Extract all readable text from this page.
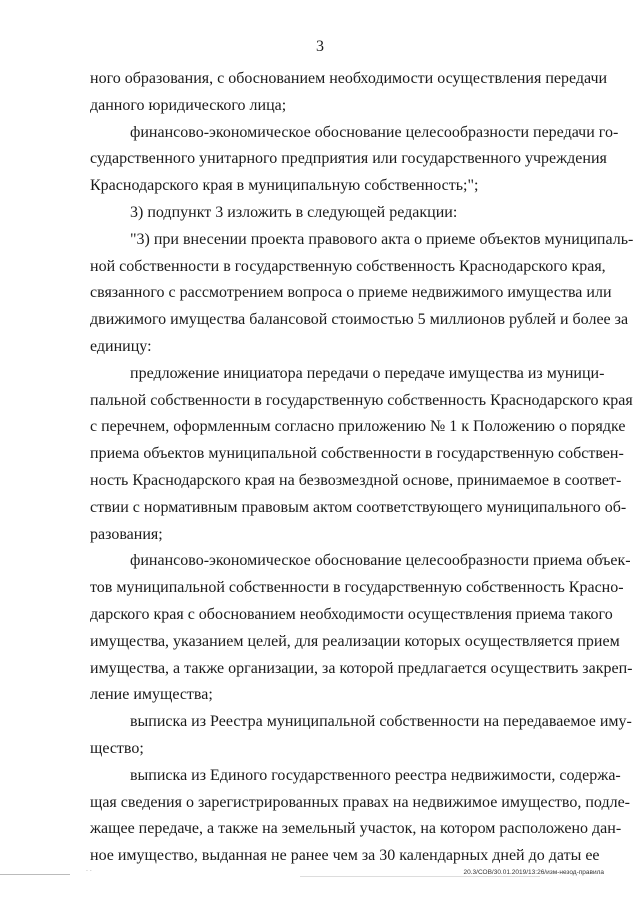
3
ного образования, с обоснованием необходимости осуществления передачи
данного юридического лица;
финансово-экономическое обоснование целесообразности передачи го-
сударственного унитарного предприятия или государственного учреждения
Краснодарского края в муниципальную собственность;";
3) подпункт 3 изложить в следующей редакции:
"3) при внесении проекта правового акта о приеме объектов муниципаль-
ной собственности в государственную собственность Краснодарского края,
связанного с рассмотрением вопроса о приеме недвижимого имущества или
движимого имущества балансовой стоимостью 5 миллионов рублей и более за
единицу:
предложение инициатора передачи о передаче имущества из муници-
пальной собственности в государственную собственность Краснодарского края
с перечнем, оформленным согласно приложению № 1 к Положению о порядке
приема объектов муниципальной собственности в государственную собствен-
ность Краснодарского края на безвозмездной основе, принимаемое в соответ-
ствии с нормативным правовым актом соответствующего муниципального об-
разования;
финансово-экономическое обоснование целесообразности приема объек-
тов муниципальной собственности в государственную собственность Красно-
дарского края с обоснованием необходимости осуществления приема такого
имущества, указанием целей, для реализации которых осуществляется прием
имущества, а также организации, за которой предлагается осуществить закреп-
ление имущества;
выписка из Реестра муниципальной собственности на передаваемое иму-
щество;
выписка из Единого государственного реестра недвижимости, содержа-
щая сведения о зарегистрированных правах на недвижимое имущество, подле-
жащее передаче, а также на земельный участок, на котором расположено дан-
ное имущество, выданная не ранее чем за 30 календарных дней до даты ее
. .	20.3/СОВ/30.01.2019/13:26/изм-незод-правила
